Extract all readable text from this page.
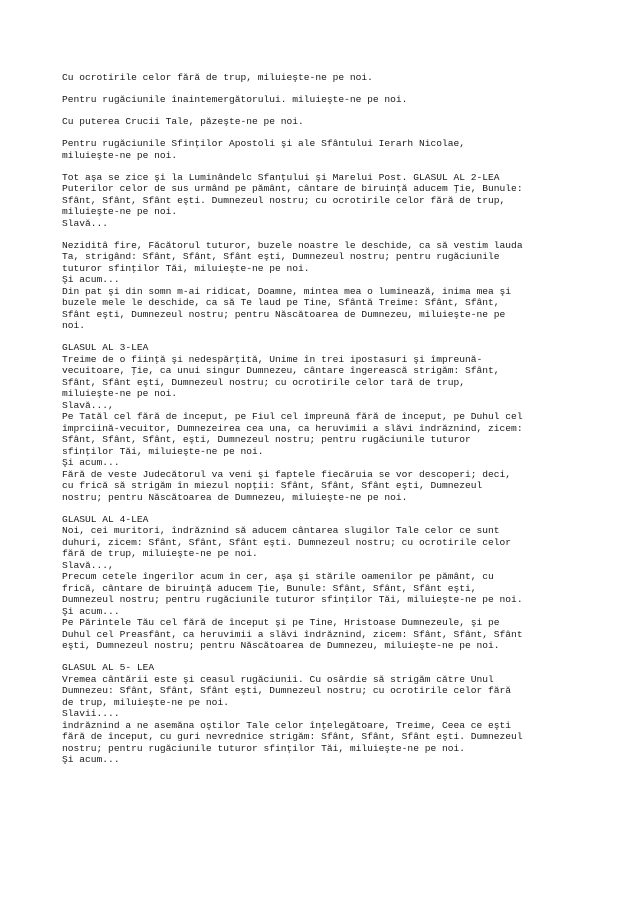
Cu ocrotirile celor fără de trup, miluieşte-ne pe noi.
Pentru rugăciunile înaintemergătorului. miluieşte-ne pe noi.
Cu puterea Crucii Tale, păzeşte-ne pe noi.
Pentru rugăciunile Sfinţilor Apostoli şi ale Sfântului Ierarh Nicolae,
miluieşte-ne pe noi.
Tot aşa se zice şi la Luminândelc Sfanţului şi Marelui Post. GLASUL AL 2-LEA
Puterilor celor de sus urmând pe pământ, cântare de biruinţă aducem Ţie, Bunule:
Sfânt, Sfânt, Sfânt eşti. Dumnezeul nostru; cu ocrotirile celor fără de trup,
miluieşte-ne pe noi.
Slavă...
Neziditâ fire, Făcătorul tuturor, buzele noastre le deschide, ca să vestim lauda
Ta, strigând: Sfânt, Sfânt, Sfânt eşti, Dumnezeul nostru; pentru rugăciunile
tuturor sfinţilor Tăi, miluieşte-ne pe noi.
Şi acum...
Din pat şi din somn m-ai ridicat, Doamne, mintea mea o luminează, inima mea şi
buzele mele le deschide, ca să Te laud pe Tine, Sfântă Treime: Sfânt, Sfânt,
Sfânt eşti, Dumnezeul nostru; pentru Născătoarea de Dumnezeu, miluieşte-ne pe
noi.
GLASUL AL 3-LEA
Treime de o fiinţă şi nedespărţită, Unime în trei ipostasuri şi împreună-
vecuitoare, Ţie, ca unui singur Dumnezeu, cântare îngerească strigăm: Sfânt,
Sfânt, Sfânt eşti, Dumnezeul nostru; cu ocrotirile celor tară de trup,
miluieşte-ne pe noi.
Slavă...,
Pe Tatăl cel fără de început, pe Fiul cel împreună fără de început, pe Duhul cel
împrciină-vecuitor, Dumnezeirea cea una, ca heruvimii a slăvi îndrăznind, zicem:
Sfânt, Sfânt, Sfânt, eşti, Dumnezeul nostru; pentru rugăciunile tuturor
sfinţilor Tăi, miluieşte-ne pe noi.
Şi acum...
Fără de veste Judecătorul va veni şi faptele fiecăruia se vor descoperi; deci,
cu frică să strigăm în miezul nopţii: Sfânt, Sfânt, Sfânt eşti, Dumnezeul
nostru; pentru Născătoarea de Dumnezeu, miluieşte-ne pe noi.
GLASUL AL 4-LEA
Noi, cei muritori, îndrăznind să aducem cântarea slugilor Tale celor ce sunt
duhuri, zicem: Sfânt, Sfânt, Sfânt eşti. Dumnezeul nostru; cu ocrotirile celor
fără de trup, miluieşte-ne pe noi.
Slavă...,
Precum cetele îngerilor acum în cer, aşa şi stările oamenilor pe pământ, cu
frică, cântare de biruinţă aducem Ţie, Bunule: Sfânt, Sfânt, Sfânt eşti,
Dumnezeul nostru; pentru rugăciunile tuturor sfinţilor Tăi, miluieşte-ne pe noi.
Şi acum...
Pe Părintele Tău cel fără de început şi pe Tine, Hristoase Dumnezeule, şi pe
Duhul cel Preasfânt, ca heruvimii a slăvi îndrăznind, zicem: Sfânt, Sfânt, Sfânt
eşti, Dumnezeul nostru; pentru Născătoarea de Dumnezeu, miluieşte-ne pe noi.
GLASUL AL 5- LEA
Vremea cântării este şi ceasul rugăciunii. Cu osârdie să strigăm către Unul
Dumnezeu: Sfânt, Sfânt, Sfânt eşti, Dumnezeul nostru; cu ocrotirile celor fără
de trup, miluieşte-ne pe noi.
Slavii....
îndrăznind a ne asemăna oştilor Tale celor înţelegătoare, Treime, Ceea ce eşti
fără de început, cu guri nevrednice strigăm: Sfânt, Sfânt, Sfânt eşti. Dumnezeul
nostru; pentru rugăciunile tuturor sfinţilor Tăi, miluieşte-ne pe noi.
Şi acum...
